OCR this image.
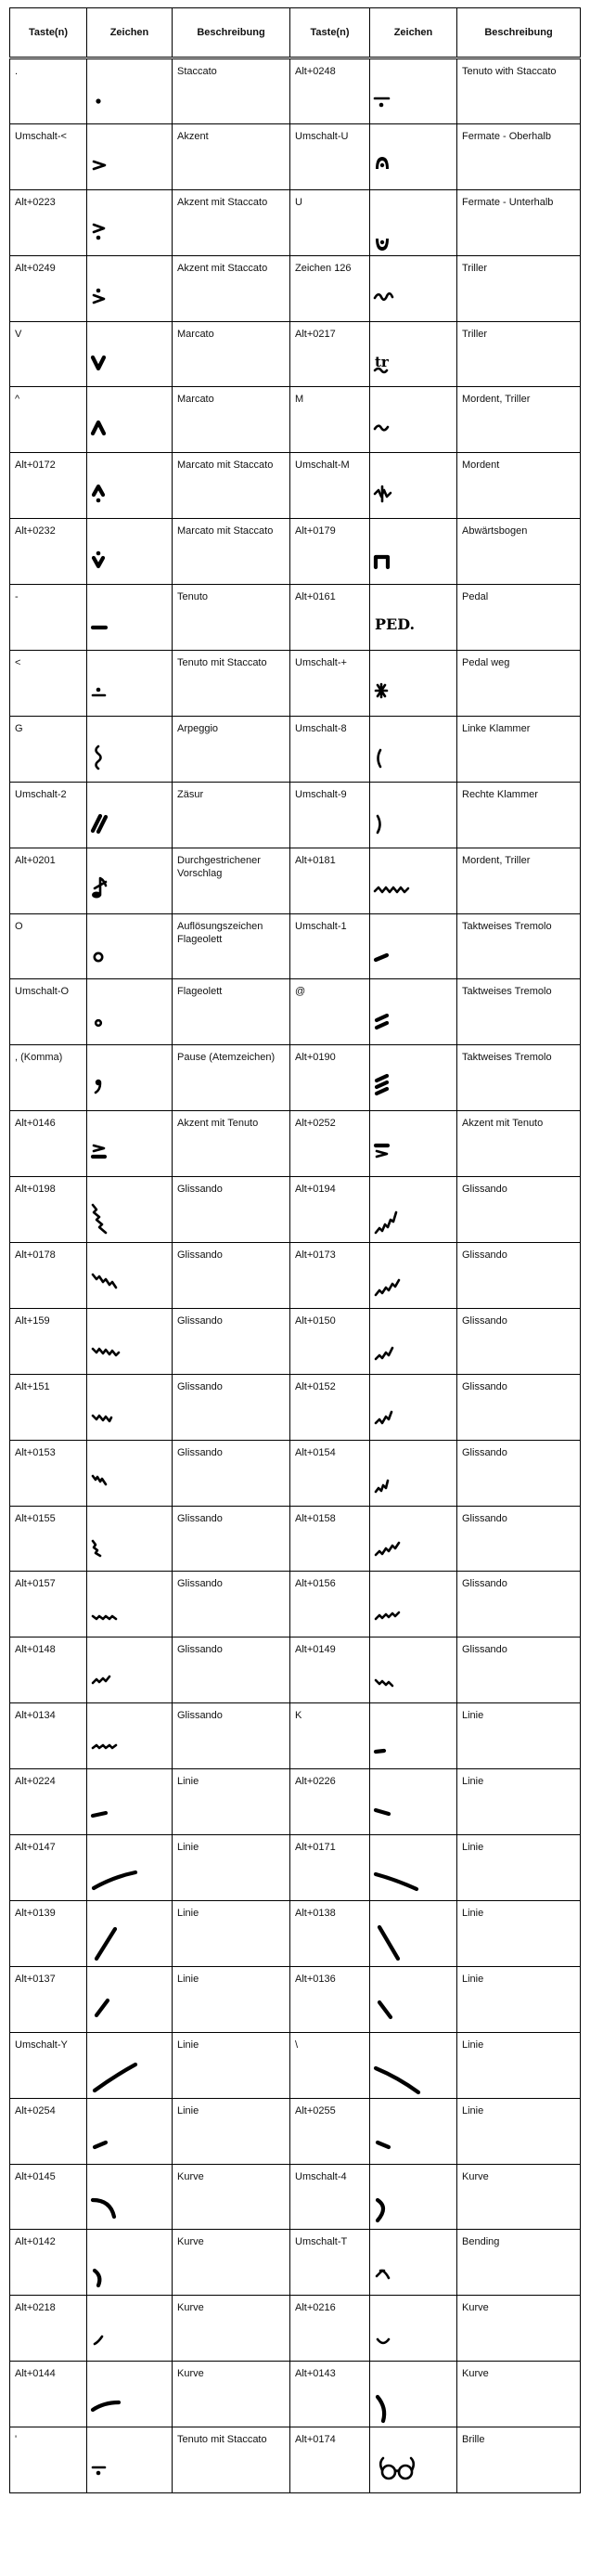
Taste(n)	Zeichen	Beschreibung	Taste(n)	Zeichen	Beschreibung
.		Staccato	Alt+0248		Tenuto with Staccato
Umschalt-<		Akzent	Umschalt-U		Fermate - Oberhalb
Alt+0223		Akzent mit Staccato	U		Fermate - Unterhalb
Alt+0249		Akzent mit Staccato	Zeichen 126		Triller
V		Marcato	Alt+0217	tr	Triller
^		Marcato	M		Mordent, Triller
Alt+0172		Marcato mit Staccato	Umschalt-M		Mordent
Alt+0232		Marcato mit Staccato	Alt+0179		Abwärtsbogen
-		Tenuto	Alt+0161	PED.	Pedal
<		Tenuto mit Staccato	Umschalt-+		Pedal weg
G		Arpeggio	Umschalt-8		Linke Klammer
Umschalt-2		Zäsur	Umschalt-9		Rechte Klammer
Alt+0201		Durchgestrichener Vorschlag	Alt+0181		Mordent, Triller
O		Auflösungszeichen Flageolett	Umschalt-1		Taktweises Tremolo
Umschalt-O		Flageolett	@		Taktweises Tremolo
, (Komma)		Pause (Atemzeichen)	Alt+0190		Taktweises Tremolo
Alt+0146		Akzent mit Tenuto	Alt+0252		Akzent mit Tenuto
Alt+0198		Glissando	Alt+0194		Glissando
Alt+0178		Glissando	Alt+0173		Glissando
Alt+159		Glissando	Alt+0150		Glissando
Alt+151		Glissando	Alt+0152		Glissando
Alt+0153		Glissando	Alt+0154		Glissando
Alt+0155		Glissando	Alt+0158		Glissando
Alt+0157		Glissando	Alt+0156		Glissando
Alt+0148		Glissando	Alt+0149		Glissando
Alt+0134		Glissando	K		Linie
Alt+0224		Linie	Alt+0226		Linie
Alt+0147		Linie	Alt+0171		Linie
Alt+0139		Linie	Alt+0138		Linie
Alt+0137		Linie	Alt+0136		Linie
Umschalt-Y		Linie	\		Linie
Alt+0254		Linie	Alt+0255		Linie
Alt+0145		Kurve	Umschalt-4		Kurve
Alt+0142		Kurve	Umschalt-T		Bending
Alt+0218		Kurve	Alt+0216		Kurve
Alt+0144		Kurve	Alt+0143		Kurve
'		Tenuto mit Staccato	Alt+0174		Brille
